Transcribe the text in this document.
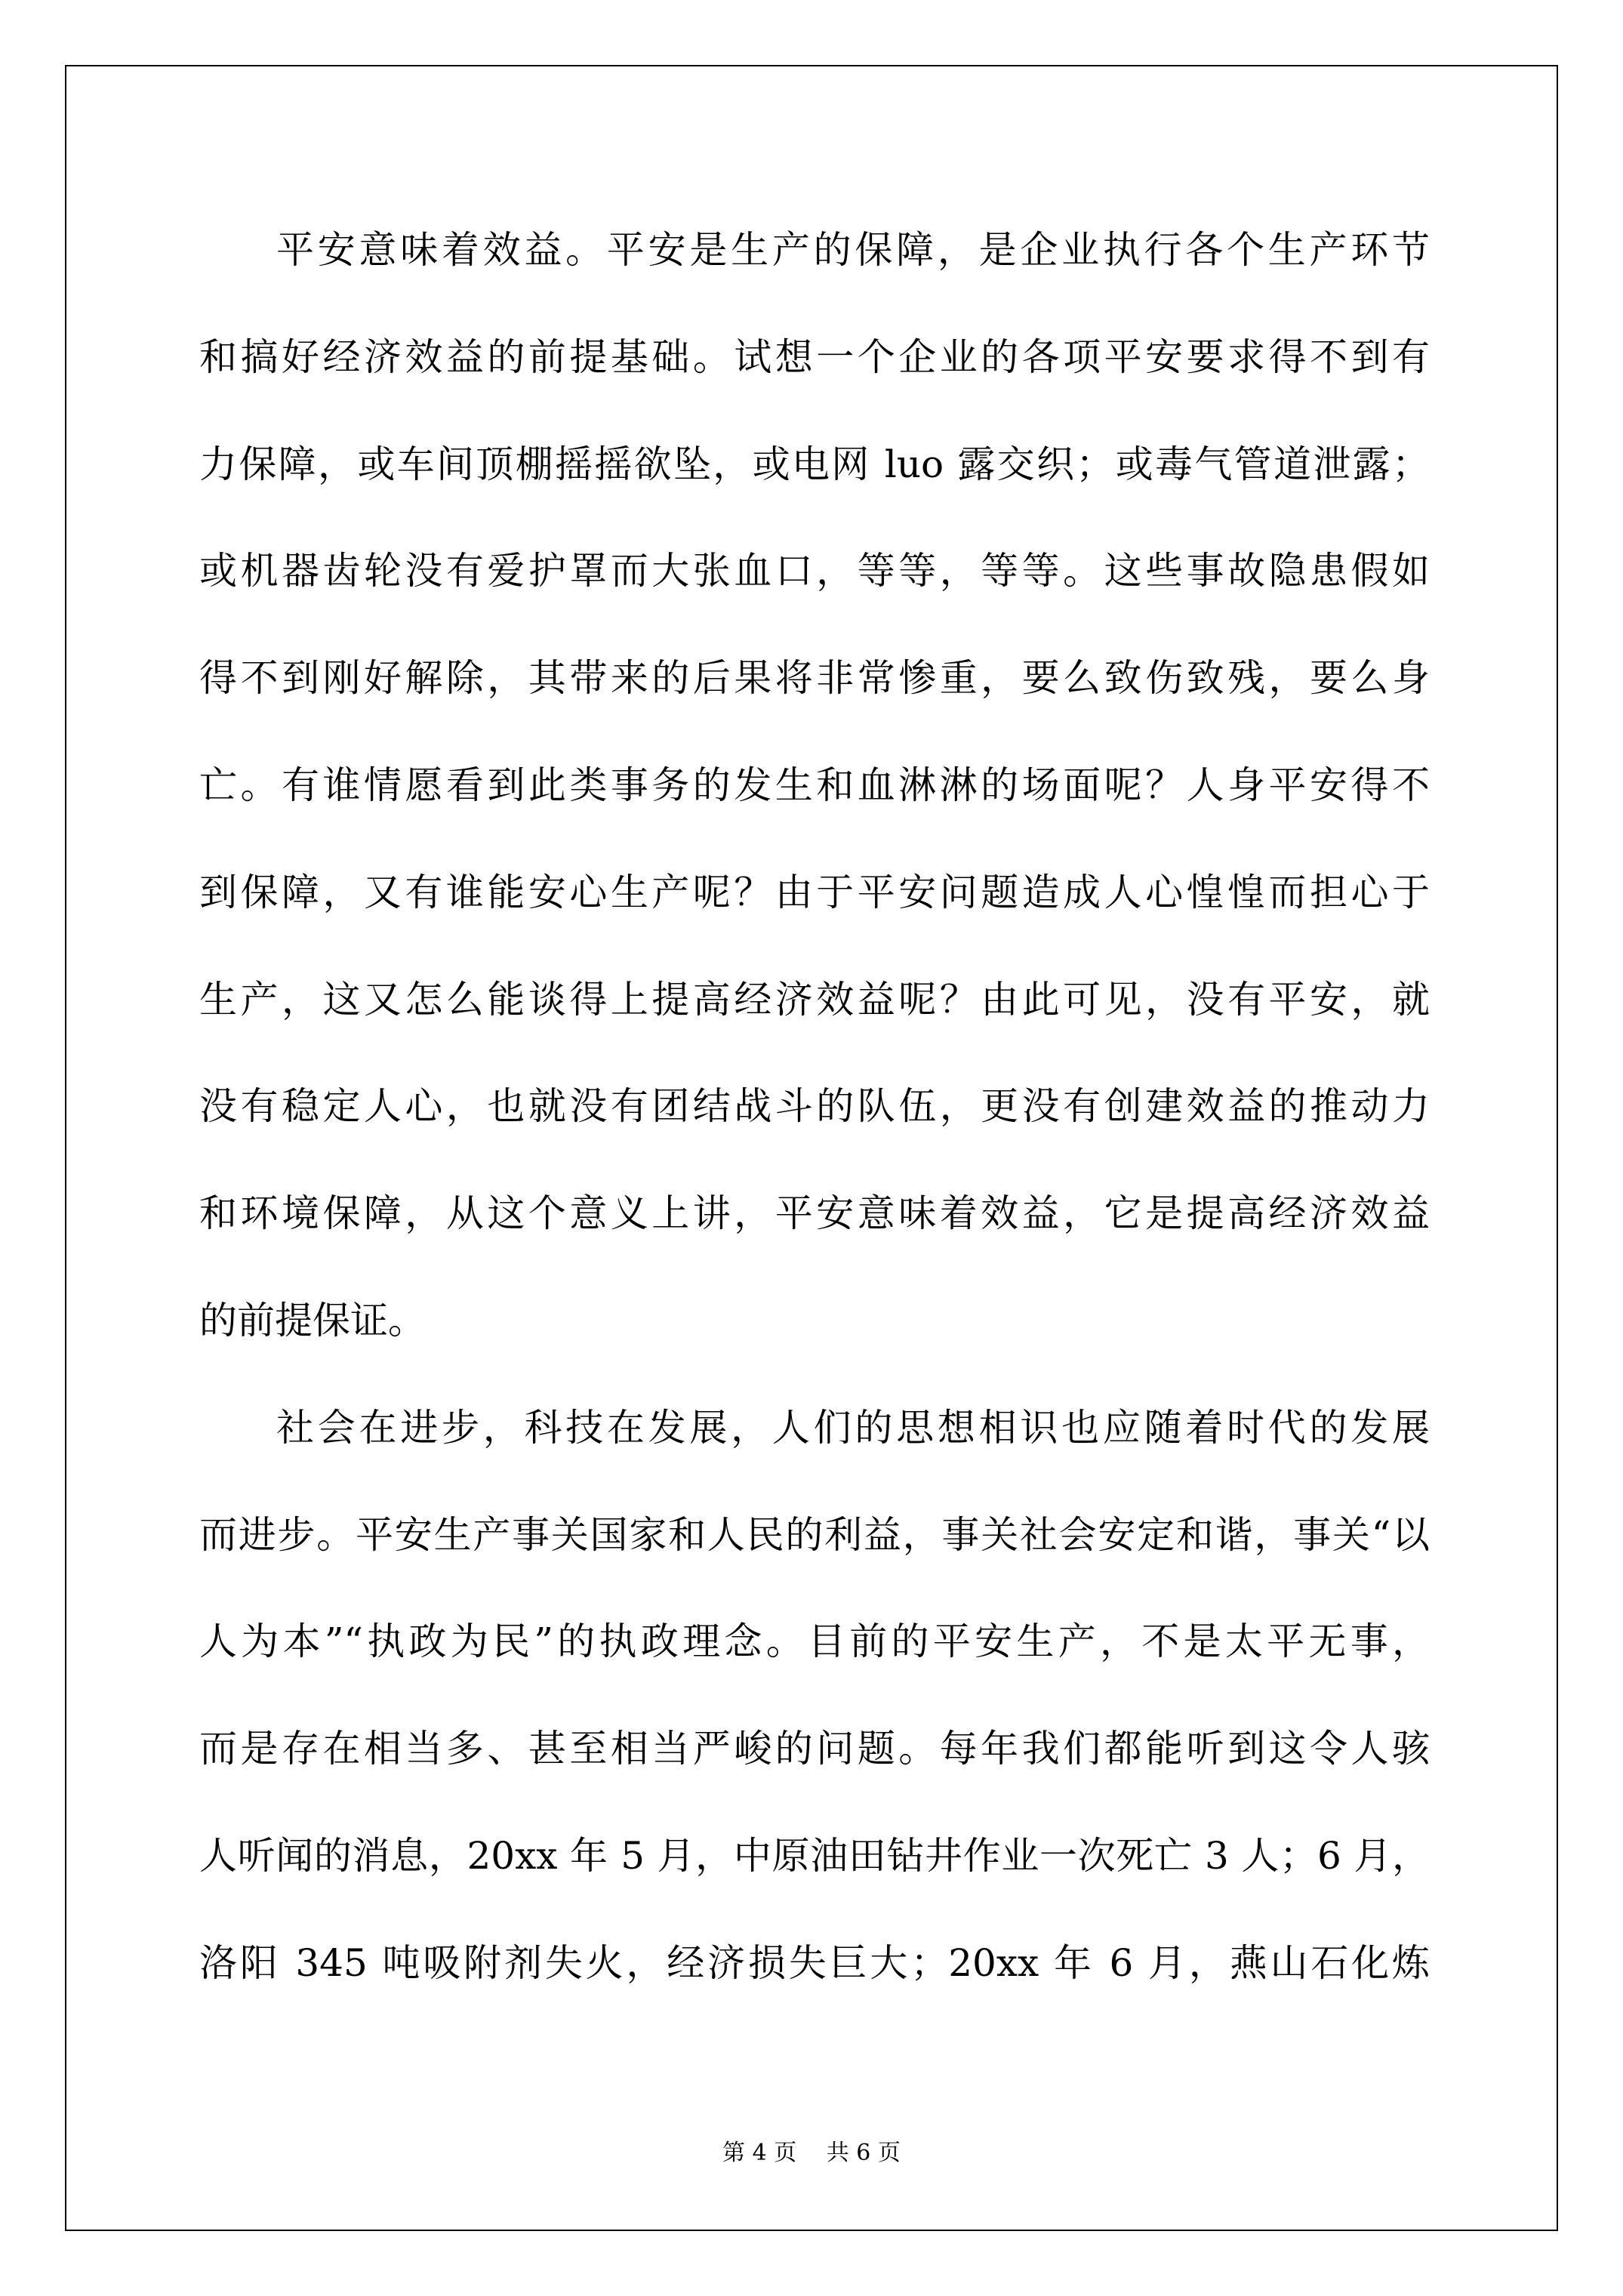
平安意味着效益。平安是生产的保障，是企业执行各个生产环节
和搞好经济效益的前提基础。试想一个企业的各项平安要求得不到有
力保障，或车间顶棚摇摇欲坠，或电网 luo 露交织；或毒气管道泄露；
或机器齿轮没有爱护罩而大张血口，等等，等等。这些事故隐患假如
得不到刚好解除，其带来的后果将非常惨重，要么致伤致残，要么身
亡。有谁情愿看到此类事务的发生和血淋淋的场面呢？人身平安得不
到保障，又有谁能安心生产呢？由于平安问题造成人心惶惶而担心于
生产，这又怎么能谈得上提高经济效益呢？由此可见，没有平安，就
没有稳定人心，也就没有团结战斗的队伍，更没有创建效益的推动力
和环境保障，从这个意义上讲，平安意味着效益，它是提高经济效益
的前提保证。
社会在进步，科技在发展，人们的思想相识也应随着时代的发展
而进步。平安生产事关国家和人民的利益，事关社会安定和谐，事关“以
人为本”“执政为民”的执政理念。目前的平安生产，不是太平无事，
而是存在相当多、甚至相当严峻的问题。每年我们都能听到这令人骇
人听闻的消息，20xx 年 5 月，中原油田钻井作业一次死亡 3 人；6 月，
洛阳 345 吨吸附剂失火，经济损失巨大；20xx 年 6 月，燕山石化炼
第 4 页 共 6 页
